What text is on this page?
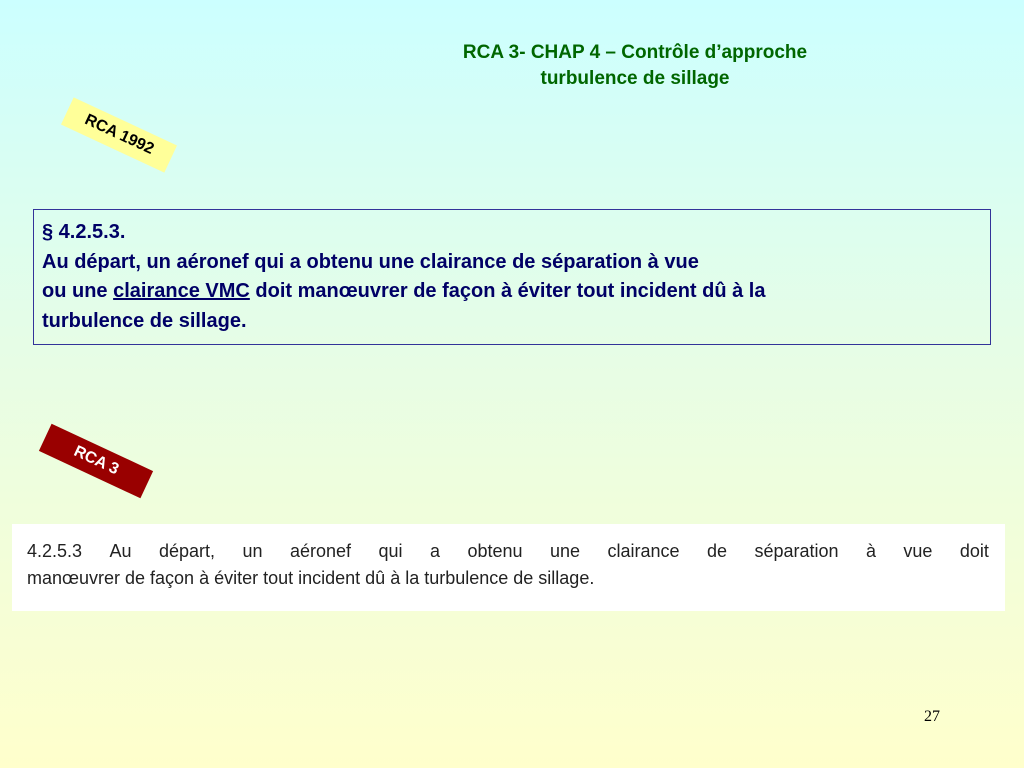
RCA 3- CHAP 4 – Contrôle d’approche
turbulence de sillage
RCA 1992
§ 4.2.5.3.
Au départ, un aéronef qui a obtenu une clairance de séparation à vue
ou une clairance VMC doit manœuvrer de façon à éviter tout incident dû à la
turbulence de sillage.
RCA 3
4.2.5.3 Au départ, un aéronef qui a obtenu une clairance de séparation à vue doit
manœuvrer de façon à éviter tout incident dû à la turbulence de sillage.
27
